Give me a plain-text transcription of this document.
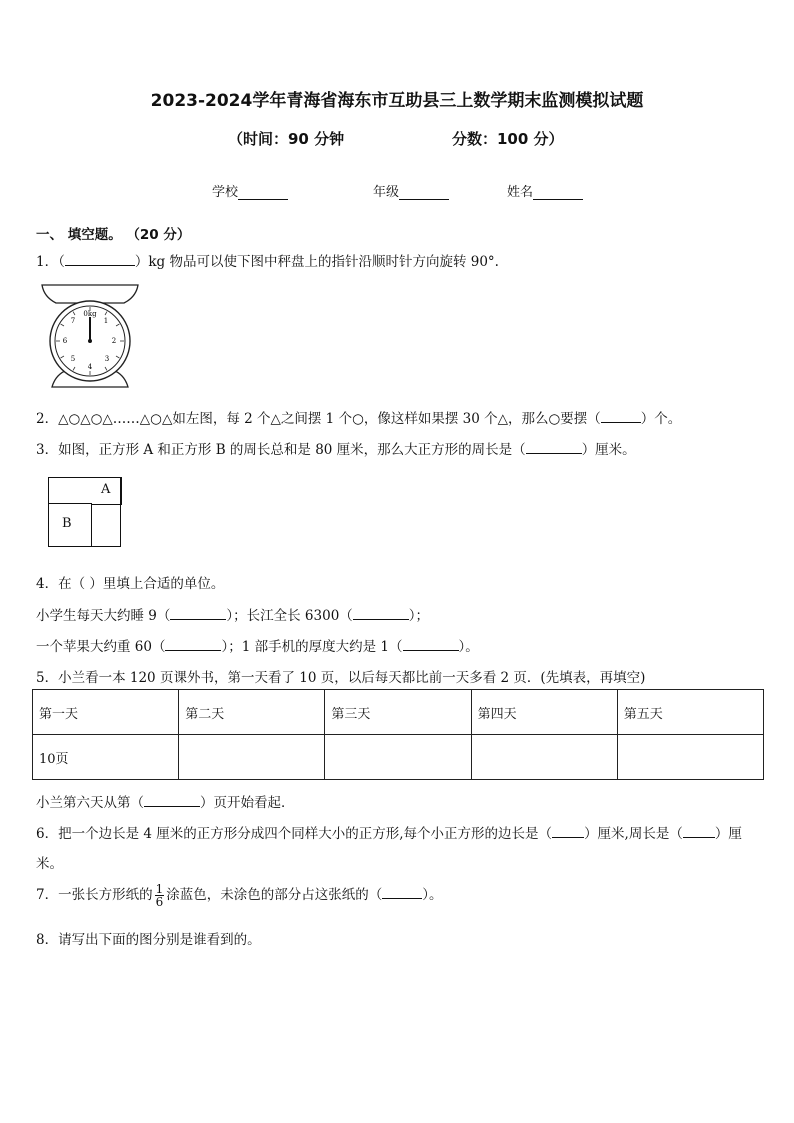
2023-2024学年青海省海东市互助县三上数学期末监测模拟试题
（时间：90 分钟	分数：100 分）
学校	年级	姓名
一、 填空题。 （20 分）
1．（	）kg 物品可以使下图中秤盘上的指针沿顺时针方向旋转 90°.
0kg
1
2
3
4
5
6
7
2．△○△○△……△○△如左图，每 2 个△之间摆 1 个○，像这样如果摆 30 个△，那么○要摆（	）个。
3．如图，正方形 A 和正方形 B 的周长总和是 80 厘米，那么大正方形的周长是（	）厘米。
A
B
4．在（ ）里填上合适的单位。
小学生每天大约睡 9（	）；长江全长 6300（	）；
一个苹果大约重 60（	）；1 部手机的厚度大约是 1（	）。
5．小兰看一本 120 页课外书，第一天看了 10 页，以后每天都比前一天多看 2 页．(先填表，再填空)
第一天	第二天	第三天	第四天	第五天
10页				
小兰第六天从第（	）页开始看起．
6．把一个边长是 4 厘米的正方形分成四个同样大小的正方形,每个小正方形的边长是（ ）厘米,周长是（ ）厘
米。
7．一张长方形纸的 $\frac{1}{6}$ 涂蓝色，未涂色的部分占这张纸的（	）。
8．请写出下面的图分别是谁看到的。
